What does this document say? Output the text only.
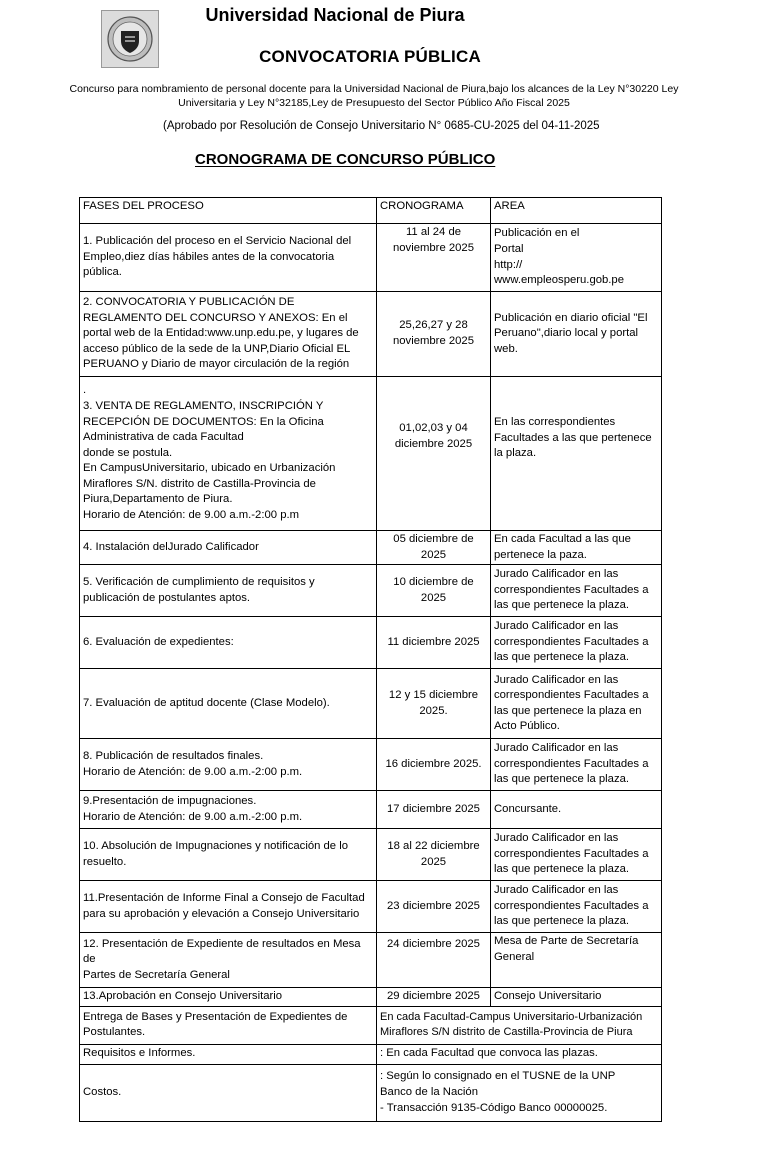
Universidad Nacional de Piura
CONVOCATORIA PÚBLICA
Concurso para nombramiento de personal docente para la Universidad Nacional de Piura,bajo los alcances de la Ley N°30220 Ley Universitaria y Ley N°32185,Ley de Presupuesto del Sector Público Año Fiscal 2025
(Aprobado por Resolución de Consejo Universitario N° 0685-CU-2025 del 04-11-2025
CRONOGRAMA DE CONCURSO PÚBLICO
FASES DEL PROCESO	CRONOGRAMA	AREA
1. Publicación del proceso en el Servicio Nacional del Empleo,diez días hábiles antes de la convocatoria pública.	11 al 24 de noviembre 2025	Publicación en el
Portal
http://
www.empleosperu.gob.pe
2. CONVOCATORIA Y PUBLICACIÓN DE REGLAMENTO DEL CONCURSO Y ANEXOS: En el portal web de la Entidad:www.unp.edu.pe, y lugares de acceso público de la sede de la UNP,Diario Oficial EL PERUANO y Diario de mayor circulación de la región	25,26,27 y 28 noviembre 2025	Publicación en diario oficial "El Peruano",diario local y portal web.
.
3. VENTA DE REGLAMENTO, INSCRIPCIÓN Y RECEPCIÓN DE DOCUMENTOS: En la Oficina Administrativa de cada Facultad
donde se postula.
En CampusUniversitario, ubicado en Urbanización Miraflores S/N. distrito de Castilla-Provincia de Piura,Departamento de Piura.
Horario de Atención: de 9.00 a.m.-2:00 p.m	01,02,03 y 04 diciembre 2025	En las correspondientes Facultades a las que pertenece la plaza.
4. Instalación delJurado Calificador	05 diciembre de 2025	En cada Facultad a las que
pertenece la paza.
5. Verificación de cumplimiento de requisitos y
publicación de postulantes aptos.	10 diciembre de 2025	Jurado Calificador en las correspondientes Facultades a las que pertenece la plaza.
6. Evaluación de expedientes:	11 diciembre 2025	Jurado Calificador en las correspondientes Facultades a las que pertenece la plaza.
7. Evaluación de aptitud docente (Clase Modelo).	12 y 15 diciembre 2025.	Jurado Calificador en las correspondientes Facultades a las que pertenece la plaza en Acto Público.
8. Publicación de resultados finales.
Horario de Atención: de 9.00 a.m.-2:00 p.m.	16 diciembre 2025.	Jurado Calificador en las correspondientes Facultades a las que pertenece la plaza.
9.Presentación de impugnaciones.
Horario de Atención: de 9.00 a.m.-2:00 p.m.	17 diciembre 2025	Concursante.
10. Absolución de Impugnaciones y notificación de lo resuelto.	18 al 22 diciembre 2025	Jurado Calificador en las correspondientes Facultades a las que pertenece la plaza.
11.Presentación de Informe Final a Consejo de Facultad para su aprobación y elevación a Consejo Universitario	23 diciembre 2025	Jurado Calificador en las correspondientes Facultades a las que pertenece la plaza.
12. Presentación de Expediente de resultados en Mesa de
Partes de Secretaría General	24 diciembre 2025	Mesa de Parte de Secretaría
General
13.Aprobación en Consejo Universitario	29 diciembre 2025	Consejo Universitario
Entrega de Bases y Presentación de Expedientes de
Postulantes.	En cada Facultad-Campus Universitario-Urbanización Miraflores S/N distrito de Castilla-Provincia de Piura	
Requisitos e Informes.	: En cada Facultad que convoca las plazas.	
Costos.	: Según lo consignado en el TUSNE de la UNP
Banco de la Nación
- Transacción 9135-Código Banco 00000025.	
